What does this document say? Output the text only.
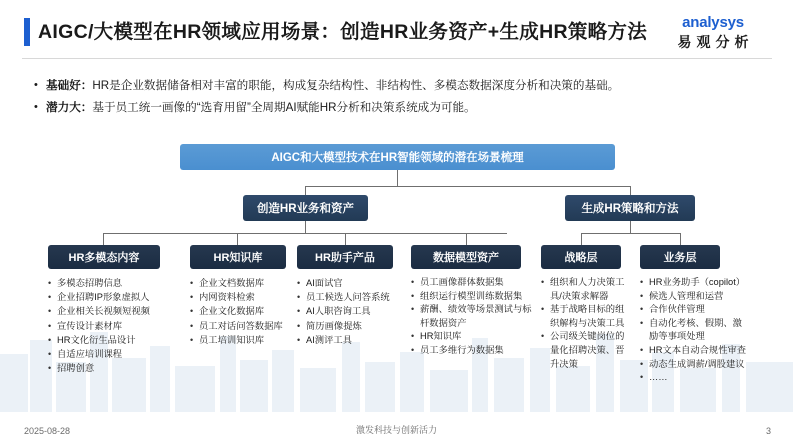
AIGC/大模型在HR领域应用场景：创造HR业务资产+生成HR策略方法	analysys
易观分析
• 基础好：HR是企业数据储备相对丰富的职能，构成复杂结构性、非结构性、多模态数据深度分析和决策的基础。
• 潜力大：基于员工统一画像的“选育用留”全周期AI赋能HR分析和决策系统成为可能。
AIGC和大模型技术在HR智能领域的潜在场景梳理
创造HR业务和资产	生成HR策略和方法
HR多模态内容	HR知识库	HR助手产品	数据模型资产	战略层	业务层
• 多模态招聘信息
• 企业招聘IP形象虚拟人
• 企业相关长视频短视频
• 宣传设计素材库
• HR文化衍生品设计
• 自适应培训课程
• 招聘创意
• 企业文档数据库
• 内网资料检索
• 企业文化数据库
• 员工对话问答数据库
• 员工培训知识库
• AI面试官
• 员工候选人问答系统
• AI人职咨询工具
• 简历画像提炼
• AI测评工具
• 员工画像群体数据集
• 组织运行模型训练数据集
• 薪酬、绩效等场景测试与标杆数据资产
• HR知识库
• 员工多维行为数据集
• 组织和人力决策工具/决策求解器
• 基于战略目标的组织解构与决策工具
• 公司级关键岗位的量化招聘决策、晋升决策
• HR业务助手（copilot）
• 候选人管理和运营
• 合作伙伴管理
• 自动化考核、假期、激励等事项处理
• HR文本自动合规性审查
• 动态生成调薪/调股建议
• ……
2025-08-28	激发科技与创新活力	3
